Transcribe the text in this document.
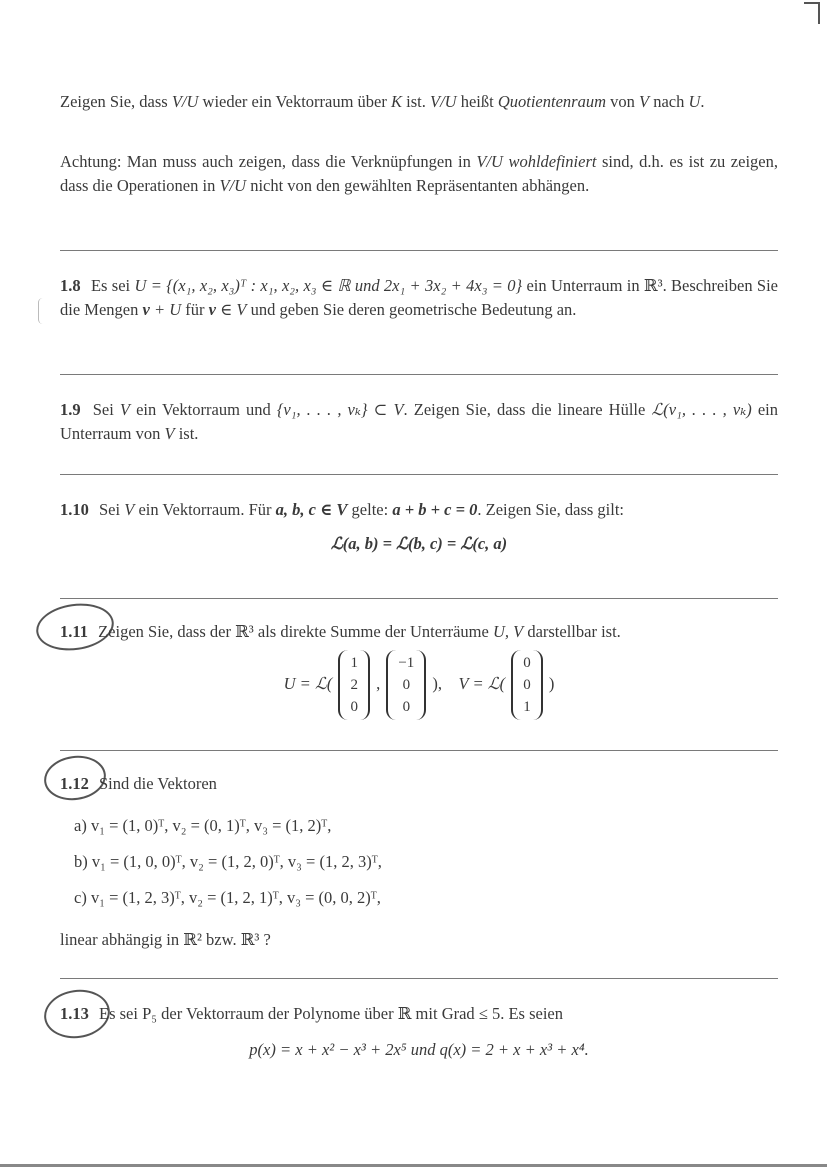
Zeigen Sie, dass V/U wieder ein Vektorraum über K ist. V/U heißt Quotientenraum von V nach U.
Achtung: Man muss auch zeigen, dass die Verknüpfungen in V/U wohldefiniert sind, d.h. es ist zu zeigen, dass die Operationen in V/U nicht von den gewählten Repräsentanten abhängen.
1.8 Es sei U = {(x₁, x₂, x₃)ᵀ : x₁, x₂, x₃ ∈ ℝ und 2x₁ + 3x₂ + 4x₃ = 0} ein Unterraum in ℝ³. Beschreiben Sie die Mengen v + U für v ∈ V und geben Sie deren geometrische Bedeutung an.
1.9 Sei V ein Vektorraum und {v₁, . . . , vₖ} ⊂ V. Zeigen Sie, dass die lineare Hülle ℒ(v₁, . . . , vₖ) ein Unterraum von V ist.
1.10 Sei V ein Vektorraum. Für a, b, c ∈ V gelte: a + b + c = 0. Zeigen Sie, dass gilt:
ℒ(a, b) = ℒ(b, c) = ℒ(c, a)
1.11 Zeigen Sie, dass der ℝ³ als direkte Summe der Unterräume U, V darstellbar ist.
U = ℒ(
1
2
0
,
−1
0
0
), V = ℒ(
0
0
1
)
1.12 Sind die Vektoren
a) v₁ = (1, 0)ᵀ, v₂ = (0, 1)ᵀ, v₃ = (1, 2)ᵀ,
b) v₁ = (1, 0, 0)ᵀ, v₂ = (1, 2, 0)ᵀ, v₃ = (1, 2, 3)ᵀ,
c) v₁ = (1, 2, 3)ᵀ, v₂ = (1, 2, 1)ᵀ, v₃ = (0, 0, 2)ᵀ,
linear abhängig in ℝ² bzw. ℝ³ ?
1.13 Es sei P₅ der Vektorraum der Polynome über ℝ mit Grad ≤ 5. Es seien
p(x) = x + x² − x³ + 2x⁵ und q(x) = 2 + x + x³ + x⁴.
